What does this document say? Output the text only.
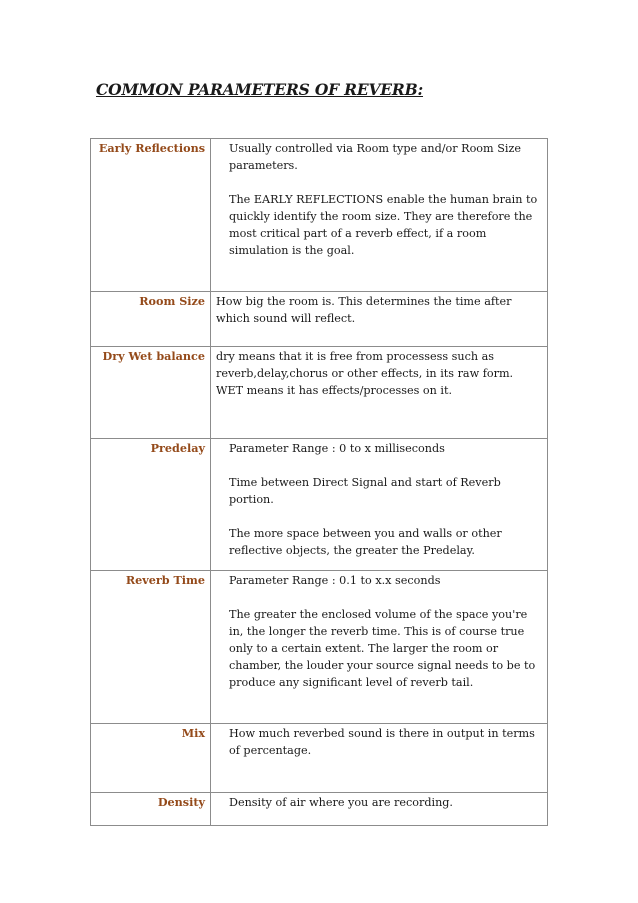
COMMON PARAMETERS OF REVERB:
Early Reflections	Usually controlled via Room type and/or Room Size parameters.

The EARLY REFLECTIONS enable the human brain to quickly identify the room size. They are therefore the most critical part of a reverb effect, if a room simulation is the goal.

Room Size	How big the room is. This determines the time after which sound will reflect.

Dry Wet balance	dry means that it is free from processess such as reverb,delay,chorus or other effects, in its raw form. WET means it has effects/processes on it.

Predelay	Parameter Range : 0 to x milliseconds

Time between Direct Signal and start of Reverb portion.

The more space between you and walls or other reflective objects, the greater the Predelay.

Reverb Time	Parameter Range : 0.1 to x.x seconds

The greater the enclosed volume of the space you're in, the longer the reverb time. This is of course true only to a certain extent. The larger the room or chamber, the louder your source signal needs to be to produce any significant level of reverb tail.

Mix	How much reverbed sound is there in output in terms of percentage.

Density	Density of air where you are recording.
